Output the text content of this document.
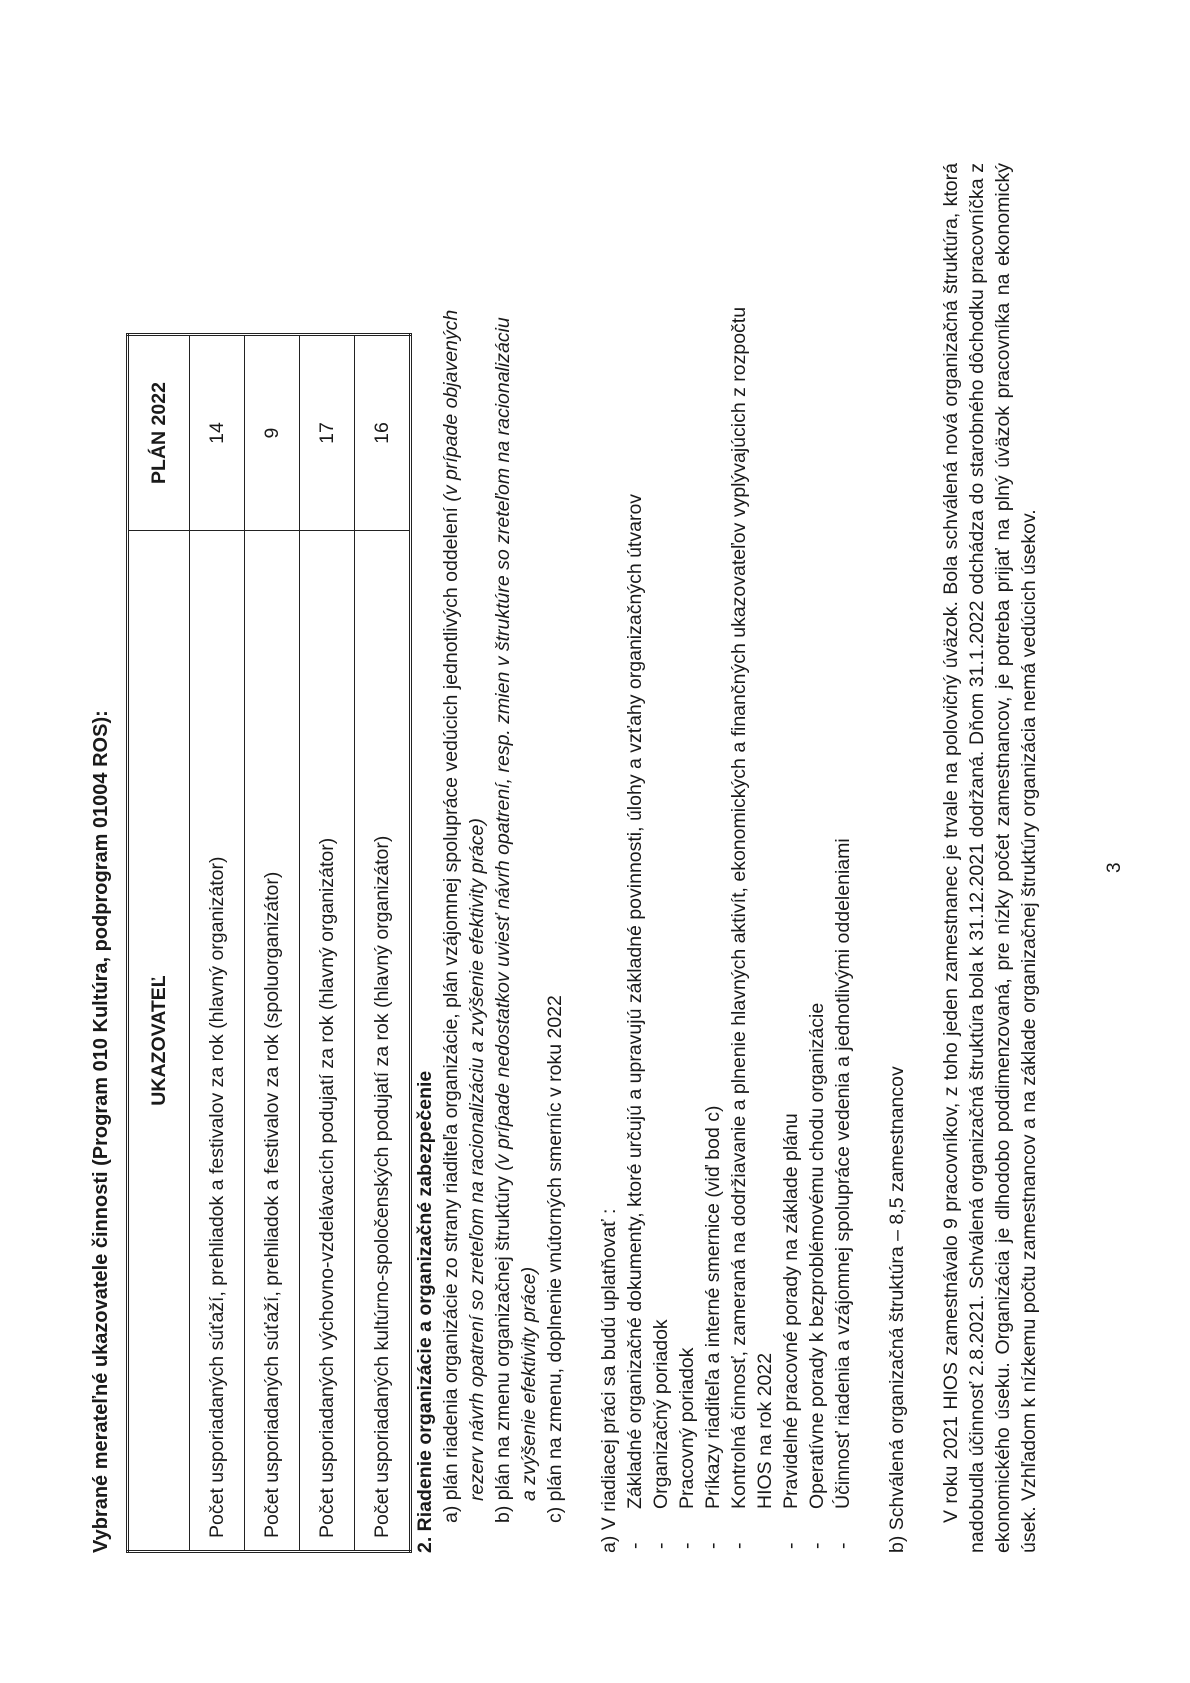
Vybrané merateľné ukazovatele činnosti (Program 010 Kultúra, podprogram 01004 ROS): UKAZOVATEĽ	PLÁN 2022
Počet usporiadaných súťaží, prehliadok a festivalov za rok (hlavný organizátor)	14
Počet usporiadaných súťaží, prehliadok a festivalov za rok (spoluorganizátor)	9
Počet usporiadaných výchovno-vzdelávacích podujatí za rok (hlavný organizátor)	17
Počet usporiadaných kultúrno-spoločenských podujatí za rok (hlavný organizátor)	16

2. Riadenie organizácie a organizačné zabezpečenie a) plán riadenia organizácie zo strany riaditeľa organizácie, plán vzájomnej spolupráce vedúcich jednotlivých oddelení (v prípade objavených

rezerv návrh opatrení so zreteľom na racionalizáciu a zvýšenie efektivity práce) b) plán na zmenu organizačnej štruktúry (v prípade nedostatkov uviesť návrh opatrení, resp. zmien v štruktúre so zreteľom na racionalizáciu

a zvýšenie efektivity práce) c) plán na zmenu, doplnenie vnútorných smerníc v roku 2022 a) V riadiacej práci sa budú uplatňovať : - Základné organizačné dokumenty, ktoré určujú a upravujú základné povinnosti, úlohy a vzťahy organizačných útvarov - Organizačný poriadok - Pracovný poriadok - Príkazy riaditeľa a interné smernice (viď bod c) - Kontrolná činnosť, zameraná na dodržiavanie a plnenie hlavných aktivít, ekonomických a finančných ukazovateľov vyplývajúcich z rozpočtu HIOS na rok 2022 - Pravidelné pracovné porady na základe plánu - Operatívne porady k bezproblémovému chodu organizácie - Účinnosť riadenia a vzájomnej spolupráce vedenia a jednotlivými oddeleniami b) Schválená organizačná štruktúra – 8,5 zamestnancov V roku 2021 HIOS zamestnávalo 9 pracovníkov, z toho jeden zamestnanec je trvale na polovičný úväzok. Bola schválená nová organizačná štruktúra, ktorá nadobudla účinnosť 2.8.2021. Schválená organizačná štruktúra bola k 31.12.2021 dodržaná. Dňom 31.1.2022 odchádza do starobného dôchodku pracovníčka z ekonomického úseku. Organizácia je dlhodobo poddimenzovaná, pre nízky počet zamestnancov, je potreba prijať na plný úväzok pracovníka na ekonomický úsek. Vzhľadom k nízkemu počtu zamestnancov a na základe organizačnej štruktúry organizácia nemá vedúcich úsekov.	3
